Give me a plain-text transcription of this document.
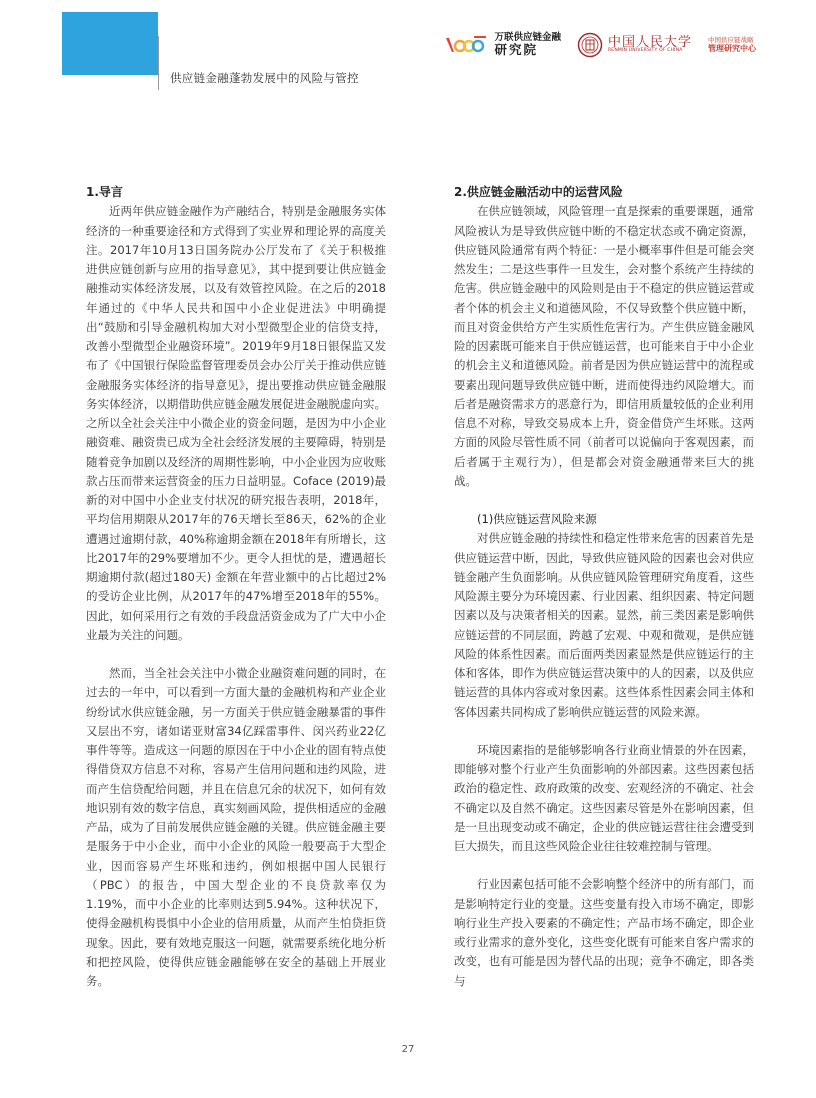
供应链金融蓬勃发展中的风险与管控
万联供应链金融
研究院
中国人民大学
RENMIN UNIVERSITY OF CHINA
中国供应链战略
管理研究中心
1.导言

近两年供应链金融作为产融结合，特别是金融服务实体经济的一种重要途径和方式得到了实业界和理论界的高度关注。2017年10月13日国务院办公厅发布了《关于积极推进供应链创新与应用的指导意见》，其中提到要让供应链金融推动实体经济发展，以及有效管控风险。在之后的2018年通过的《中华人民共和国中小企业促进法》中明确提出“鼓励和引导金融机构加大对小型微型企业的信贷支持，改善小型微型企业融资环境”。2019年9月18日银保监又发布了《中国银行保险监督管理委员会办公厅关于推动供应链金融服务实体经济的指导意见》，提出要推动供应链金融服务实体经济，以期借助供应链金融发展促进金融脱虚向实。之所以全社会关注中小微企业的资金问题，是因为中小企业融资难、融资贵已成为全社会经济发展的主要障碍，特别是随着竞争加剧以及经济的周期性影响，中小企业因为应收账款占压而带来运营资金的压力日益明显。Coface (2019)最新的对中国中小企业支付状况的研究报告表明，2018年，平均信用期限从2017年的76天增长至86天，62%的企业遭遇过逾期付款，40%称逾期金额在2018年有所增长，这比2017年的29%要增加不少。更令人担忧的是，遭遇超长期逾期付款(超过180天) 金额在年营业额中的占比超过2%的受访企业比例，从2017年的47%增至2018年的55%。因此，如何采用行之有效的手段盘活资金成为了广大中小企业最为关注的问题。

然而，当全社会关注中小微企业融资难问题的同时，在过去的一年中，可以看到一方面大量的金融机构和产业企业纷纷试水供应链金融，另一方面关于供应链金融暴雷的事件又层出不穷，诸如诺亚财富34亿踩雷事件、闵兴药业22亿事件等等。造成这一问题的原因在于中小企业的固有特点使得借贷双方信息不对称，容易产生信用问题和违约风险，进而产生信贷配给问题，并且在信息冗余的状况下，如何有效地识别有效的数字信息，真实刻画风险，提供相适应的金融产品，成为了目前发展供应链金融的关键。供应链金融主要是服务于中小企业，而中小企业的风险一般要高于大型企业，因而容易产生坏账和违约，例如根据中国人民银行（PBC）的报告，中国大型企业的不良贷款率仅为1.19%，而中小企业的比率则达到5.94%。这种状况下，使得金融机构畏惧中小企业的信用质量，从而产生怕贷拒贷现象。因此，要有效地克服这一问题，就需要系统化地分析和把控风险，使得供应链金融能够在安全的基础上开展业务。

2.供应链金融活动中的运营风险

在供应链领域，风险管理一直是探索的重要课题，通常风险被认为是导致供应链中断的不稳定状态或不确定资源，供应链风险通常有两个特征：一是小概率事件但是可能会突然发生；二是这些事件一旦发生，会对整个系统产生持续的危害。供应链金融中的风险则是由于不稳定的供应链运营或者个体的机会主义和道德风险，不仅导致整个供应链中断，而且对资金供给方产生实质性危害行为。产生供应链金融风险的因素既可能来自于供应链运营，也可能来自于中小企业的机会主义和道德风险。前者是因为供应链运营中的流程或要素出现问题导致供应链中断，进而使得违约风险增大。而后者是融资需求方的恶意行为，即信用质量较低的企业利用信息不对称，导致交易成本上升，资金借贷产生坏账。这两方面的风险尽管性质不同（前者可以说偏向于客观因素，而后者属于主观行为），但是都会对资金融通带来巨大的挑战。

(1)供应链运营风险来源

对供应链金融的持续性和稳定性带来危害的因素首先是供应链运营中断，因此，导致供应链风险的因素也会对供应链金融产生负面影响。从供应链风险管理研究角度看，这些风险源主要分为环境因素、行业因素、组织因素、特定问题因素以及与决策者相关的因素。显然，前三类因素是影响供应链运营的不同层面，跨越了宏观、中观和微观，是供应链风险的体系性因素。而后面两类因素显然是供应链运行的主体和客体，即作为供应链运营决策中的人的因素，以及供应链运营的具体内容或对象因素。这些体系性因素会同主体和客体因素共同构成了影响供应链运营的风险来源。

环境因素指的是能够影响各行业商业情景的外在因素，即能够对整个行业产生负面影响的外部因素。这些因素包括政治的稳定性、政府政策的改变、宏观经济的不确定、社会不确定以及自然不确定。这些因素尽管是外在影响因素，但是一旦出现变动或不确定，企业的供应链运营往往会遭受到巨大损失，而且这些风险企业往往较难控制与管理。

行业因素包括可能不会影响整个经济中的所有部门，而是影响特定行业的变量。这些变量有投入市场不确定，即影响行业生产投入要素的不确定性；产品市场不确定，即企业或行业需求的意外变化，这些变化既有可能来自客户需求的改变，也有可能是因为替代品的出现；竞争不确定，即各类与

27
